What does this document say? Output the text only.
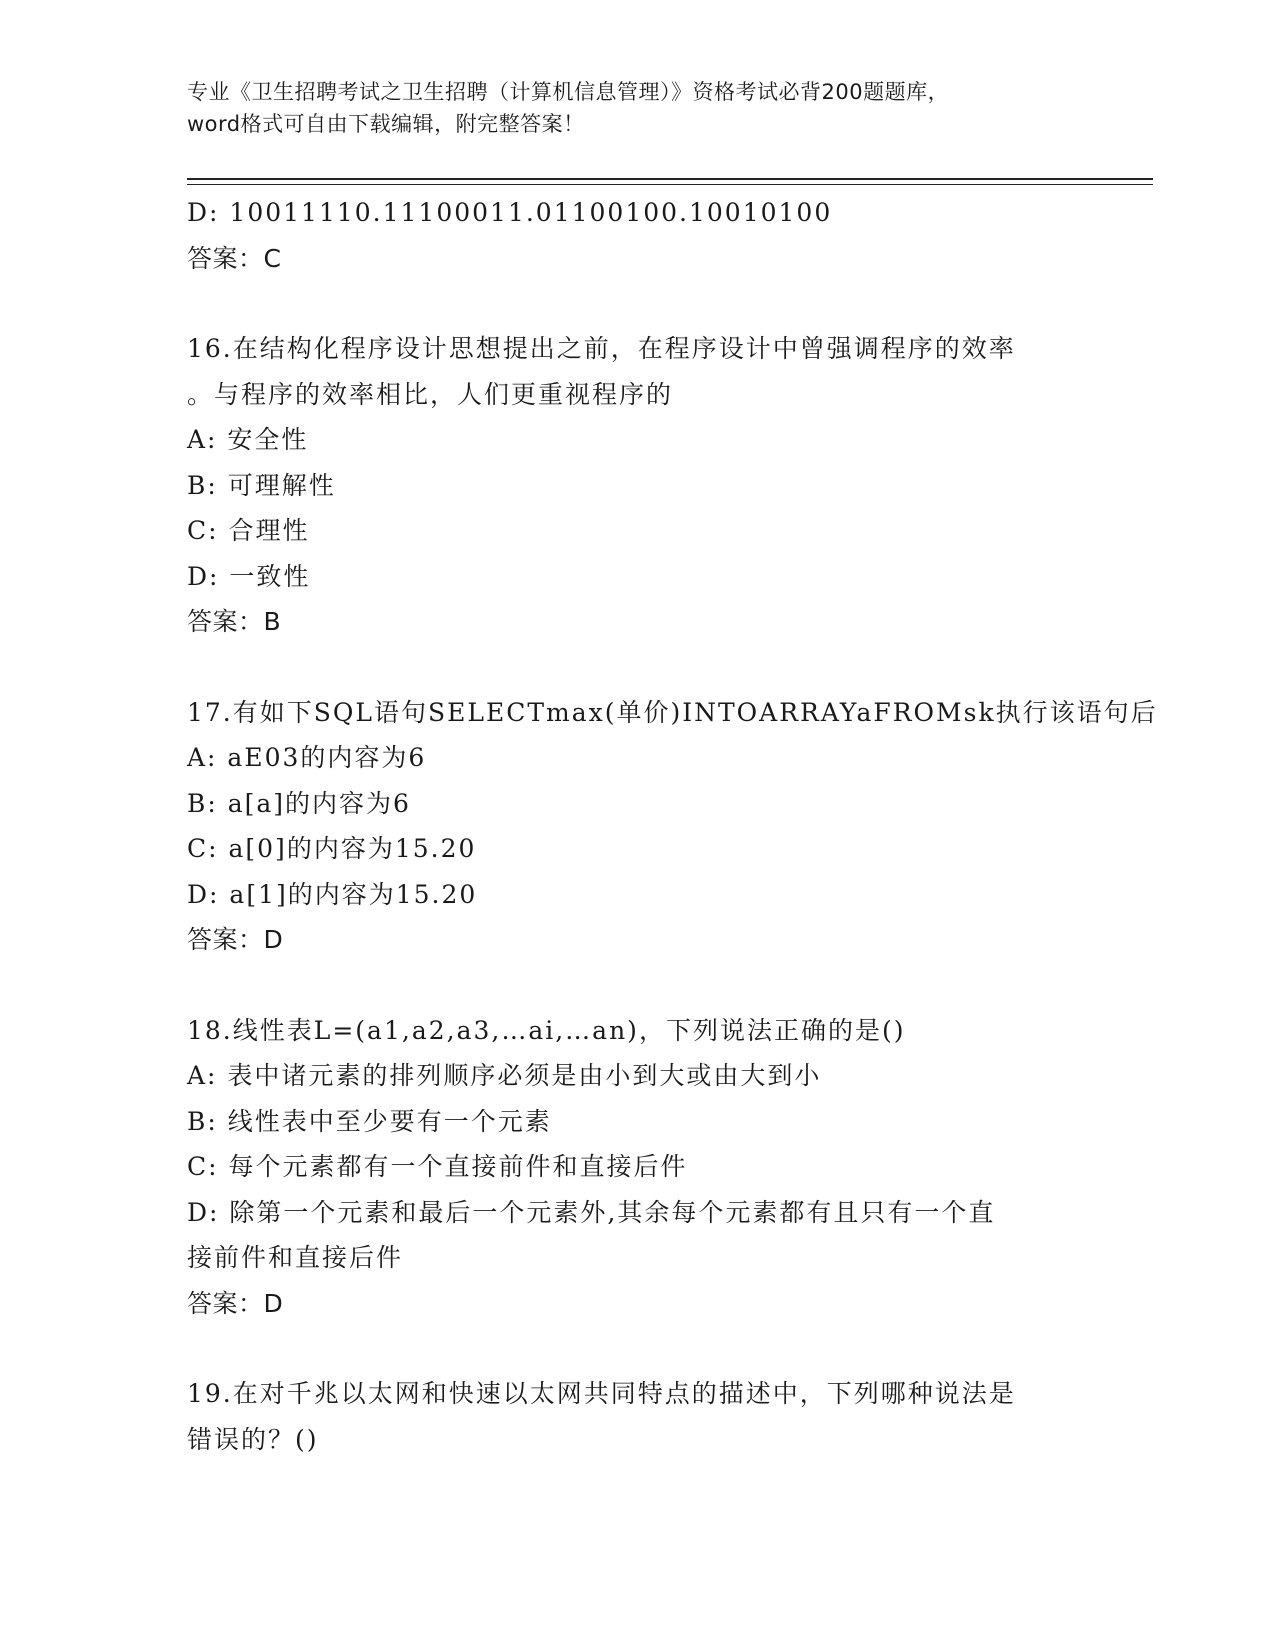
专业《卫生招聘考试之卫生招聘（计算机信息管理）》资格考试必背200题题库，
word格式可自由下载编辑，附完整答案！
D: 10011110.11100011.01100100.10010100
答案：C
16.在结构化程序设计思想提出之前，在程序设计中曾强调程序的效率
。与程序的效率相比，人们更重视程序的
A: 安全性
B: 可理解性
C: 合理性
D: 一致性
答案：B
17.有如下SQL语句SELECTmax(单价)INTOARRAYaFROMsk执行该语句后
A: aE03的内容为6
B: a[a]的内容为6
C: a[0]的内容为15.20
D: a[1]的内容为15.20
答案：D
18.线性表L=(a1,a2,a3,…ai,…an)，下列说法正确的是()
A: 表中诸元素的排列顺序必须是由小到大或由大到小
B: 线性表中至少要有一个元素
C: 每个元素都有一个直接前件和直接后件
D: 除第一个元素和最后一个元素外,其余每个元素都有且只有一个直
接前件和直接后件
答案：D
19.在对千兆以太网和快速以太网共同特点的描述中，下列哪种说法是
错误的？()
